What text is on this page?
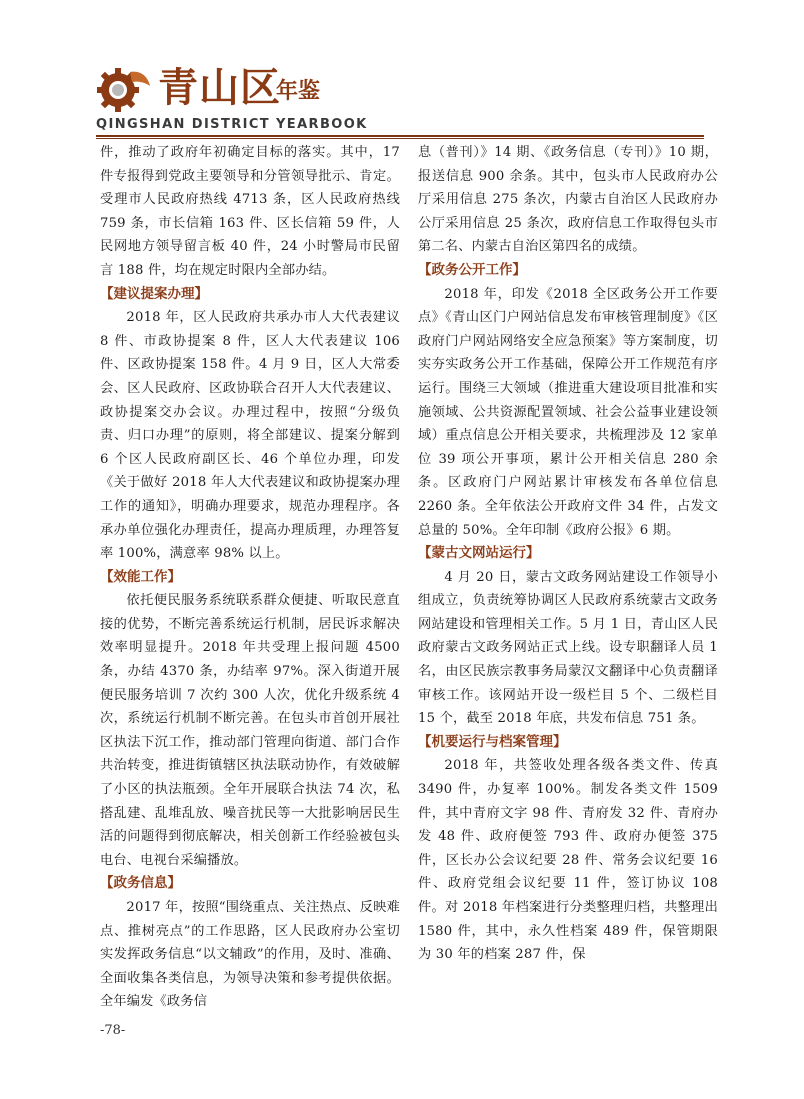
青山区
年鉴
QINGSHAN DISTRICT YEARBOOK

件，推动了政府年初确定目标的落实。其中，17 件专报得到党政主要领导和分管领导批示、肯定。受理市人民政府热线 4713 条，区人民政府热线 759 条，市长信箱 163 件、区长信箱 59 件，人民网地方领导留言板 40 件，24 小时警局市民留言 188 件，均在规定时限内全部办结。

【建议提案办理】

2018 年，区人民政府共承办市人大代表建议 8 件、市政协提案 8 件，区人大代表建议 106 件、区政协提案 158 件。4 月 9 日，区人大常委会、区人民政府、区政协联合召开人大代表建议、政协提案交办会议。办理过程中，按照“分级负责、归口办理”的原则，将全部建议、提案分解到 6 个区人民政府副区长、46 个单位办理，印发《关于做好 2018 年人大代表建议和政协提案办理工作的通知》，明确办理要求，规范办理程序。各承办单位强化办理责任，提高办理质理，办理答复率 100%，满意率 98% 以上。

【效能工作】

依托便民服务系统联系群众便捷、听取民意直接的优势，不断完善系统运行机制，居民诉求解决效率明显提升。2018 年共受理上报问题 4500 条，办结 4370 条，办结率 97%。深入街道开展便民服务培训 7 次约 300 人次，优化升级系统 4 次，系统运行机制不断完善。在包头市首创开展社区执法下沉工作，推动部门管理向街道、部门合作共治转变，推进街镇辖区执法联动协作，有效破解了小区的执法瓶颈。全年开展联合执法 74 次，私搭乱建、乱堆乱放、噪音扰民等一大批影响居民生活的问题得到彻底解决，相关创新工作经验被包头电台、电视台采编播放。

【政务信息】

2017 年，按照“围绕重点、关注热点、反映难点、推树亮点”的工作思路，区人民政府办公室切实发挥政务信息“以文辅政”的作用，及时、准确、全面收集各类信息，为领导决策和参考提供依据。全年编发《政务信

息（普刊）》14 期、《政务信息（专刊）》10 期，报送信息 900 余条。其中，包头市人民政府办公厅采用信息 275 条次，内蒙古自治区人民政府办公厅采用信息 25 条次，政府信息工作取得包头市第二名、内蒙古自治区第四名的成绩。

【政务公开工作】

2018 年，印发《2018 全区政务公开工作要点》《青山区门户网站信息发布审核管理制度》《区政府门户网站网络安全应急预案》等方案制度，切实夯实政务公开工作基础，保障公开工作规范有序运行。围绕三大领域（推进重大建设项目批准和实施领域、公共资源配置领域、社会公益事业建设领域）重点信息公开相关要求，共梳理涉及 12 家单位 39 项公开事项，累计公开相关信息 280 余条。区政府门户网站累计审核发布各单位信息 2260 条。全年依法公开政府文件 34 件，占发文总量的 50%。全年印制《政府公报》6 期。

【蒙古文网站运行】

4 月 20 日，蒙古文政务网站建设工作领导小组成立，负责统筹协调区人民政府系统蒙古文政务网站建设和管理相关工作。5 月 1 日，青山区人民政府蒙古文政务网站正式上线。设专职翻译人员 1 名，由区民族宗教事务局蒙汉文翻译中心负责翻译审核工作。该网站开设一级栏目 5 个、二级栏目 15 个，截至 2018 年底，共发布信息 751 条。

【机要运行与档案管理】

2018 年，共签收处理各级各类文件、传真 3490 件，办复率 100%。制发各类文件 1509 件，其中青府文字 98 件、青府发 32 件、青府办发 48 件、政府便签 793 件、政府办便签 375 件，区长办公会议纪要 28 件、常务会议纪要 16 件、政府党组会议纪要 11 件，签订协议 108 件。对 2018 年档案进行分类整理归档，共整理出 1580 件，其中，永久性档案 489 件，保管期限为 30 年的档案 287 件，保

-78-
